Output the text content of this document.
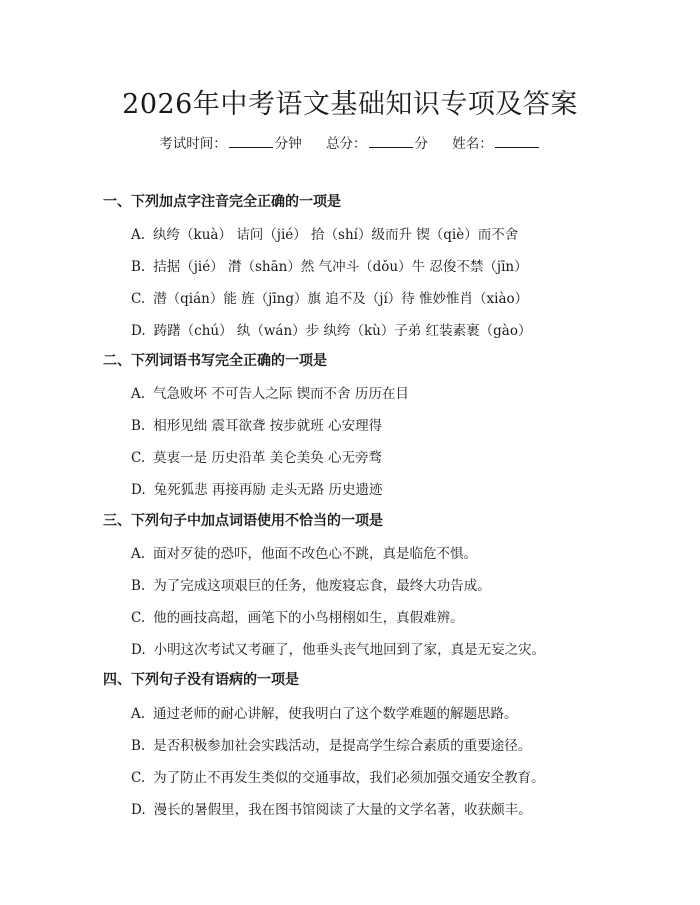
2026年中考语文基础知识专项及答案
考试时间：	分钟 总分：	分 姓名：
一、下列加点字注音完全正确的一项是
A. 纨绔（kuà） 诘问（jié） 拾（shí）级而升 锲（qiè）而不舍
B. 拮据（jié） 潸（shān）然 气冲斗（dǒu）牛 忍俊不禁（jīn）
C. 潜（qián）能 旌（jīng）旗 追不及（jí）待 惟妙惟肖（xiào）
D. 踌躇（chú） 纨（wán）步 纨绔（kù）子弟 红装素裹（gào）
二、下列词语书写完全正确的一项是
A. 气急败坏 不可告人之际 锲而不舍 历历在目
B. 相形见绌 震耳欲聋 按步就班 心安理得
C. 莫衷一是 历史沿革 美仑美奂 心无旁骛
D. 兔死狐悲 再接再励 走头无路 历史遗迹
三、下列句子中加点词语使用不恰当的一项是
A. 面对歹徒的恐吓，他面不改色心不跳，真是临危不惧。
B. 为了完成这项艰巨的任务，他废寝忘食，最终大功告成。
C. 他的画技高超，画笔下的小鸟栩栩如生，真假难辨。
D. 小明这次考试又考砸了，他垂头丧气地回到了家，真是无妄之灾。
四、下列句子没有语病的一项是
A. 通过老师的耐心讲解，使我明白了这个数学难题的解题思路。
B. 是否积极参加社会实践活动，是提高学生综合素质的重要途径。
C. 为了防止不再发生类似的交通事故，我们必须加强交通安全教育。
D. 漫长的暑假里，我在图书馆阅读了大量的文学名著，收获颇丰。
